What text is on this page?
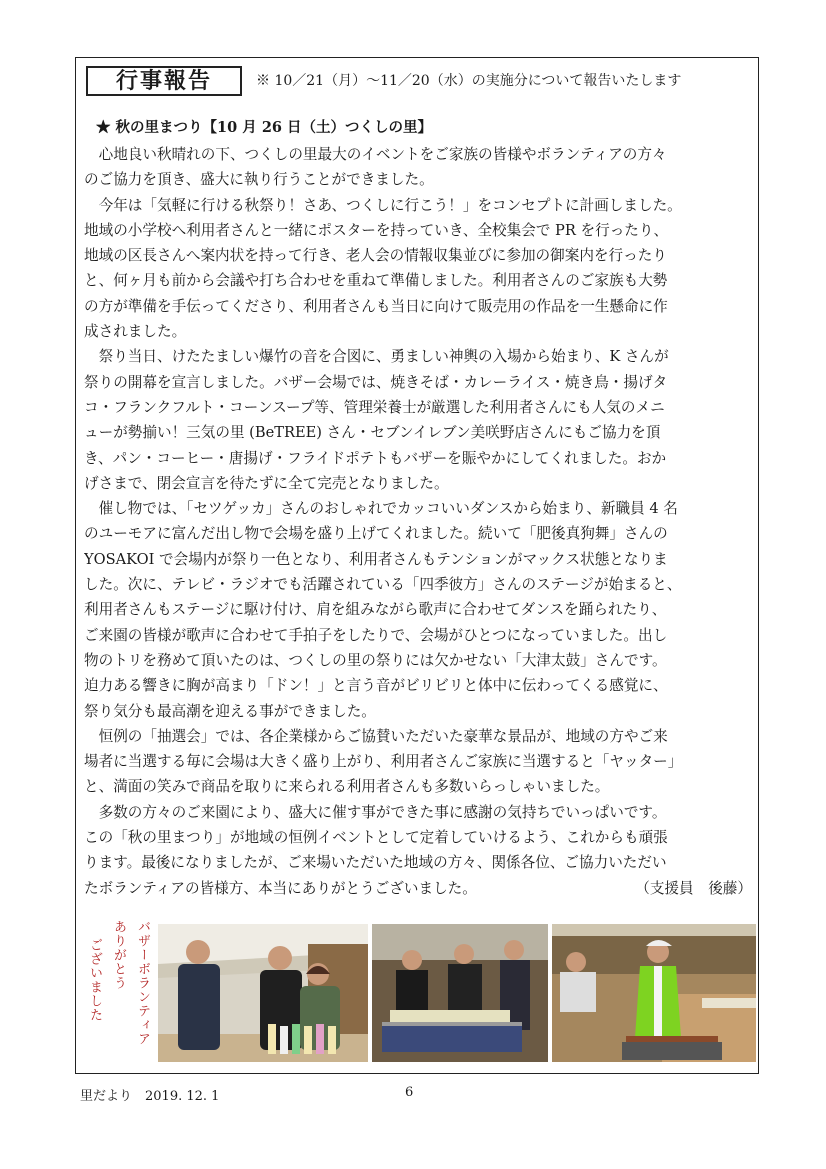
行事報告	※ 10／21（月）～11／20（水）の実施分について報告いたします
★ 秋の里まつり【10 月 26 日（土）つくしの里】
　心地良い秋晴れの下、つくしの里最大のイベントをご家族の皆様やボランティアの方々
のご協力を頂き、盛大に執り行うことができました。
　今年は「気軽に行ける秋祭り！さあ、つくしに行こう！」をコンセプトに計画しました。
地域の小学校へ利用者さんと一緒にポスターを持っていき、全校集会で PR を行ったり、
地域の区長さんへ案内状を持って行き、老人会の情報収集並びに参加の御案内を行ったり
と、何ヶ月も前から会議や打ち合わせを重ねて準備しました。利用者さんのご家族も大勢
の方が準備を手伝ってくださり、利用者さんも当日に向けて販売用の作品を一生懸命に作
成されました。
　祭り当日、けたたましい爆竹の音を合図に、勇ましい神輿の入場から始まり、K さんが
祭りの開幕を宣言しました。バザー会場では、焼きそば・カレーライス・焼き鳥・揚げタ
コ・フランクフルト・コーンスープ等、管理栄養士が厳選した利用者さんにも人気のメニ
ューが勢揃い！三気の里 (BeTREE) さん・セブンイレブン美咲野店さんにもご協力を頂
き、パン・コーヒー・唐揚げ・フライドポテトもバザーを賑やかにしてくれました。おか
げさまで、閉会宣言を待たずに全て完売となりました。
　催し物では、「セツゲッカ」さんのおしゃれでカッコいいダンスから始まり、新職員 4 名
のユーモアに富んだ出し物で会場を盛り上げてくれました。続いて「肥後真狗舞」さんの
YOSAKOI で会場内が祭り一色となり、利用者さんもテンションがマックス状態となりま
した。次に、テレビ・ラジオでも活躍されている「四季彼方」さんのステージが始まると、
利用者さんもステージに駆け付け、肩を組みながら歌声に合わせてダンスを踊られたり、
ご来園の皆様が歌声に合わせて手拍子をしたりで、会場がひとつになっていました。出し
物のトリを務めて頂いたのは、つくしの里の祭りには欠かせない「大津太鼓」さんです。
迫力ある響きに胸が高まり「ドン！」と言う音がビリビリと体中に伝わってくる感覚に、
祭り気分も最高潮を迎える事ができました。
　恒例の「抽選会」では、各企業様からご協賛いただいた豪華な景品が、地域の方やご来
場者に当選する毎に会場は大きく盛り上がり、利用者さんご家族に当選すると「ヤッター」
と、満面の笑みで商品を取りに来られる利用者さんも多数いらっしゃいました。
　多数の方々のご来園により、盛大に催す事ができた事に感謝の気持ちでいっぱいです。
この「秋の里まつり」が地域の恒例イベントとして定着していけるよう、これからも頑張
ります。最後になりましたが、ご来場いただいた地域の方々、関係各位、ご協力いただい
たボランティアの皆様方、本当にありがとうございました。	（支援員　後藤）
バザーボランティア
ありがとう
ございました
里だより　2019. 12. 1	6
